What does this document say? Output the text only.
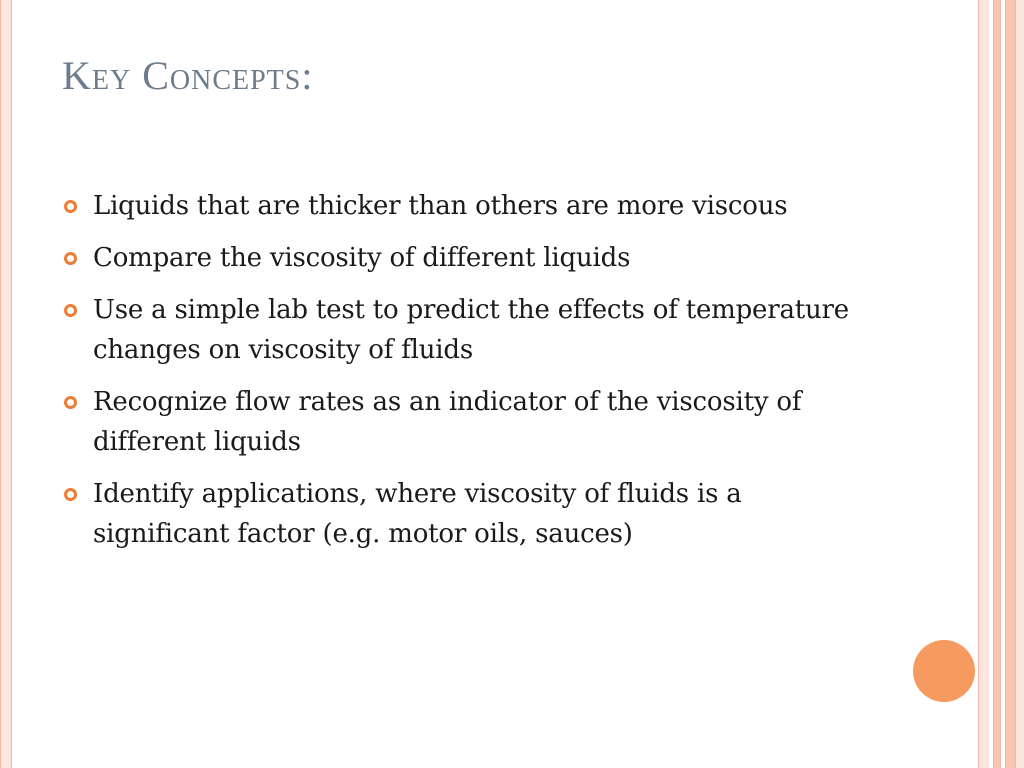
Key Concepts:
Liquids that are thicker than others are more viscous
Compare the viscosity of different liquids
Use a simple lab test to predict the effects of temperature changes on viscosity of fluids
Recognize flow rates as an indicator of the viscosity of different liquids
Identify applications, where viscosity of fluids is a significant factor (e.g. motor oils, sauces)
